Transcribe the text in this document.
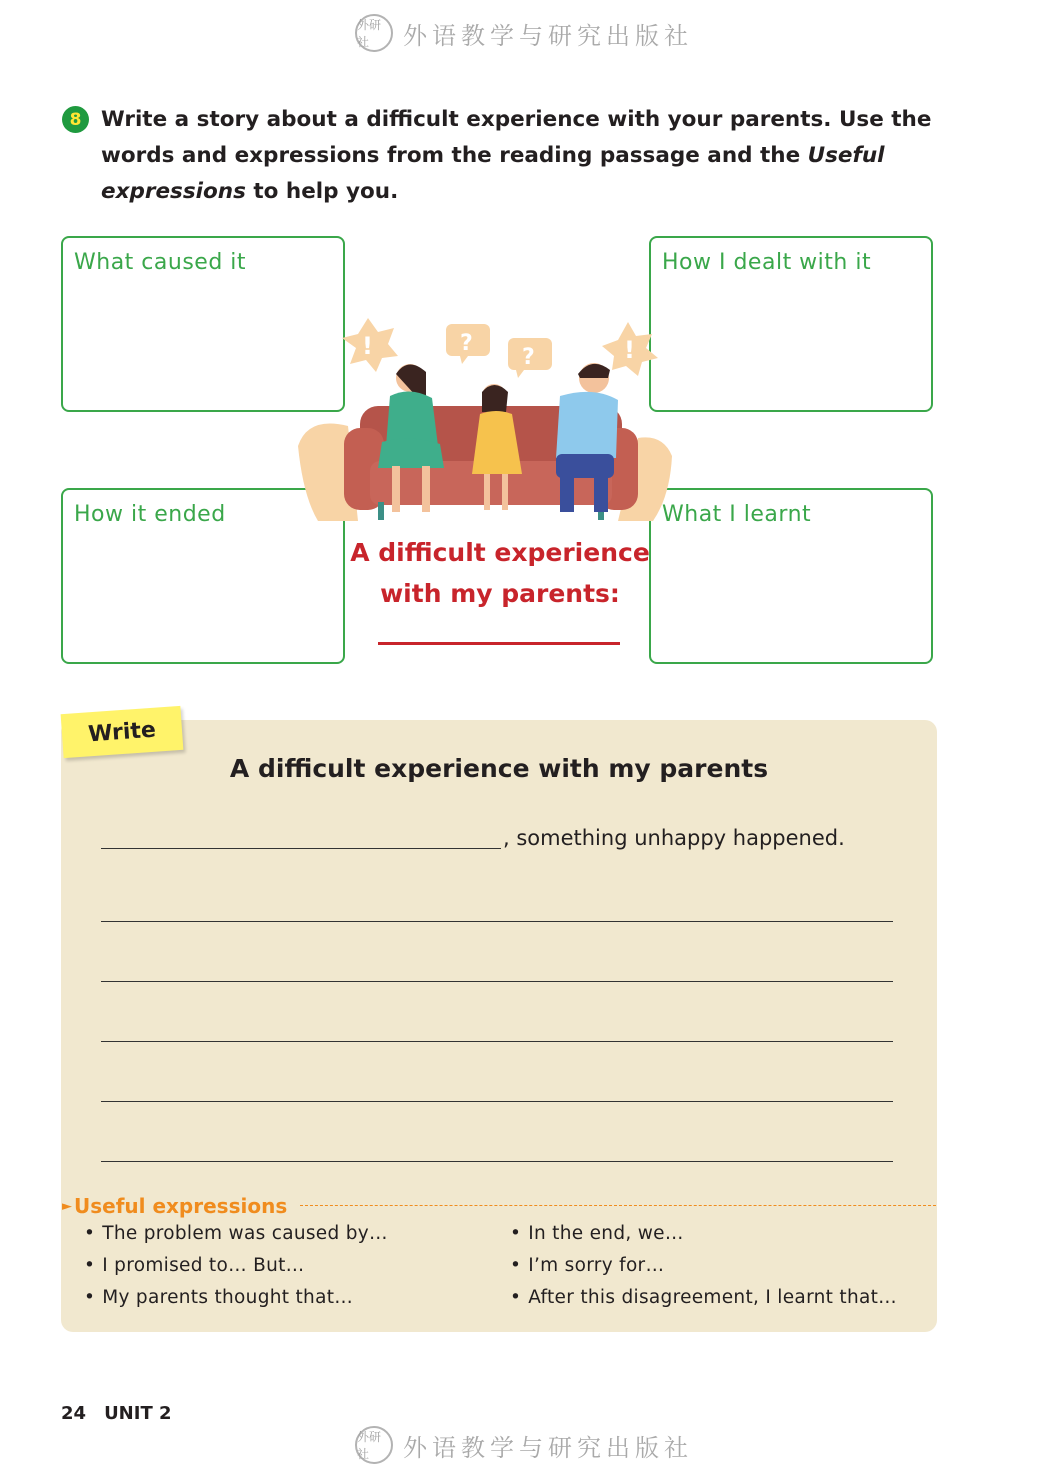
外研社	外语教学与研究出版社
8 Write a story about a difficult experience with your parents. Use the words and expressions from the reading passage and the Useful expressions to help you.
What caused it	How I dealt with it
How it ended	What I learnt
!	!
?
?
A difficult experience
with my parents:
Write
A difficult experience with my parents
, something unhappy happened.
► Useful expressions
• The problem was caused by…
• I promised to… But…
• My parents thought that…
• In the end, we…
• I’m sorry for…
• After this disagreement, I learnt that…
24 UNIT 2
外研社	外语教学与研究出版社
